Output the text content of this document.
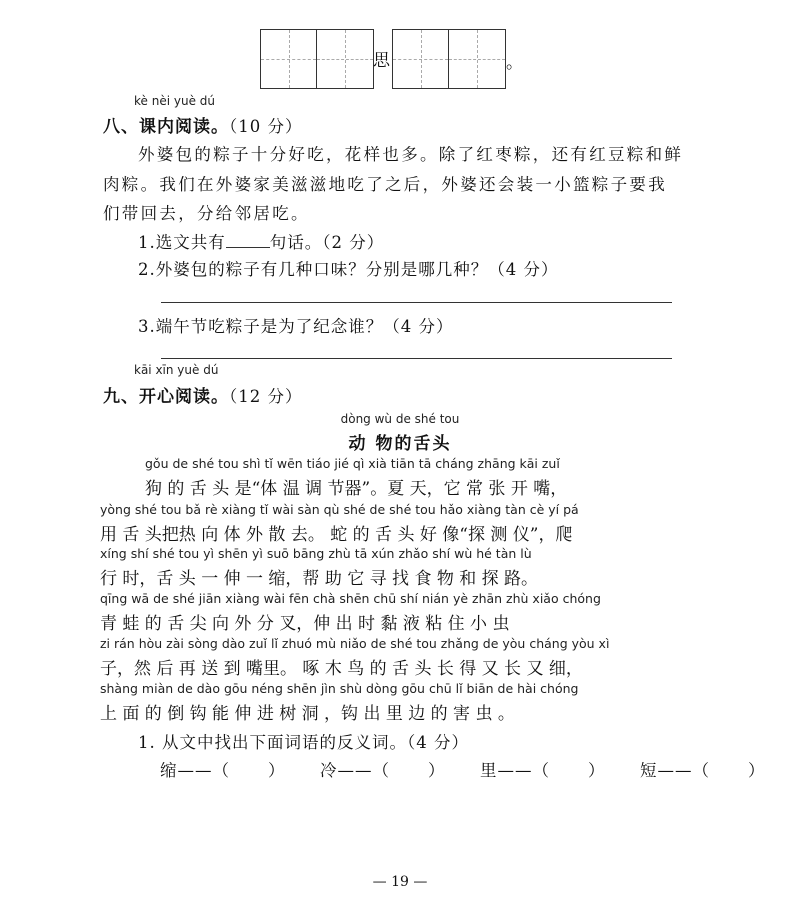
思	。
kè nèi yuè dú
八、课内阅读。（10 分）
外婆包的粽子十分好吃，花样也多。除了红枣粽，还有红豆粽和鲜
肉粽。我们在外婆家美滋滋地吃了之后，外婆还会装一小篮粽子要我
们带回去，分给邻居吃。
1.选文共有	句话。（2 分）
2.外婆包的粽子有几种口味？分别是哪几种？（4 分）
3.端午节吃粽子是为了纪念谁？（4 分）
kāi xīn yuè dú
九、开心阅读。（12 分）
dòng wù de shé tou
动 物的舌头
gǒu de shé tou shì tǐ wēn tiáo jié qì xià tiān tā cháng zhāng kāi zuǐ
狗 的 舌 头 是“体 温 调 节器”。夏 天，它 常 张 开 嘴，
yòng shé tou bǎ rè xiàng tǐ wài sàn qù shé de shé tou hǎo xiàng tàn cè yí pá
用 舌 头把热 向 体 外 散 去。 蛇 的 舌 头 好 像“探 测 仪”，爬
xíng shí shé tou yì shēn yì suō bāng zhù tā xún zhǎo shí wù hé tàn lù
行 时，舌 头 一 伸 一 缩，帮 助 它 寻 找 食 物 和 探 路。
qīng wā de shé jiān xiàng wài fēn chà shēn chū shí nián yè zhān zhù xiǎo chóng
青 蛙 的 舌 尖 向 外 分 叉，伸 出 时 黏 液 粘 住 小 虫
zi rán hòu zài sòng dào zuǐ lǐ zhuó mù niǎo de shé tou zhǎng de yòu cháng yòu xì
子，然 后 再 送 到 嘴里。 啄 木 鸟 的 舌 头 长 得 又 长 又 细，
shàng miàn de dào gōu néng shēn jìn shù dòng gōu chū lǐ biān de hài chóng
上 面 的 倒 钩 能 伸 进 树 洞 ，钩 出 里 边 的 害 虫 。
1. 从文中找出下面词语的反义词。（4 分）
缩——（ ） 冷——（ ） 里——（ ） 短——（ ）
— 19 —
